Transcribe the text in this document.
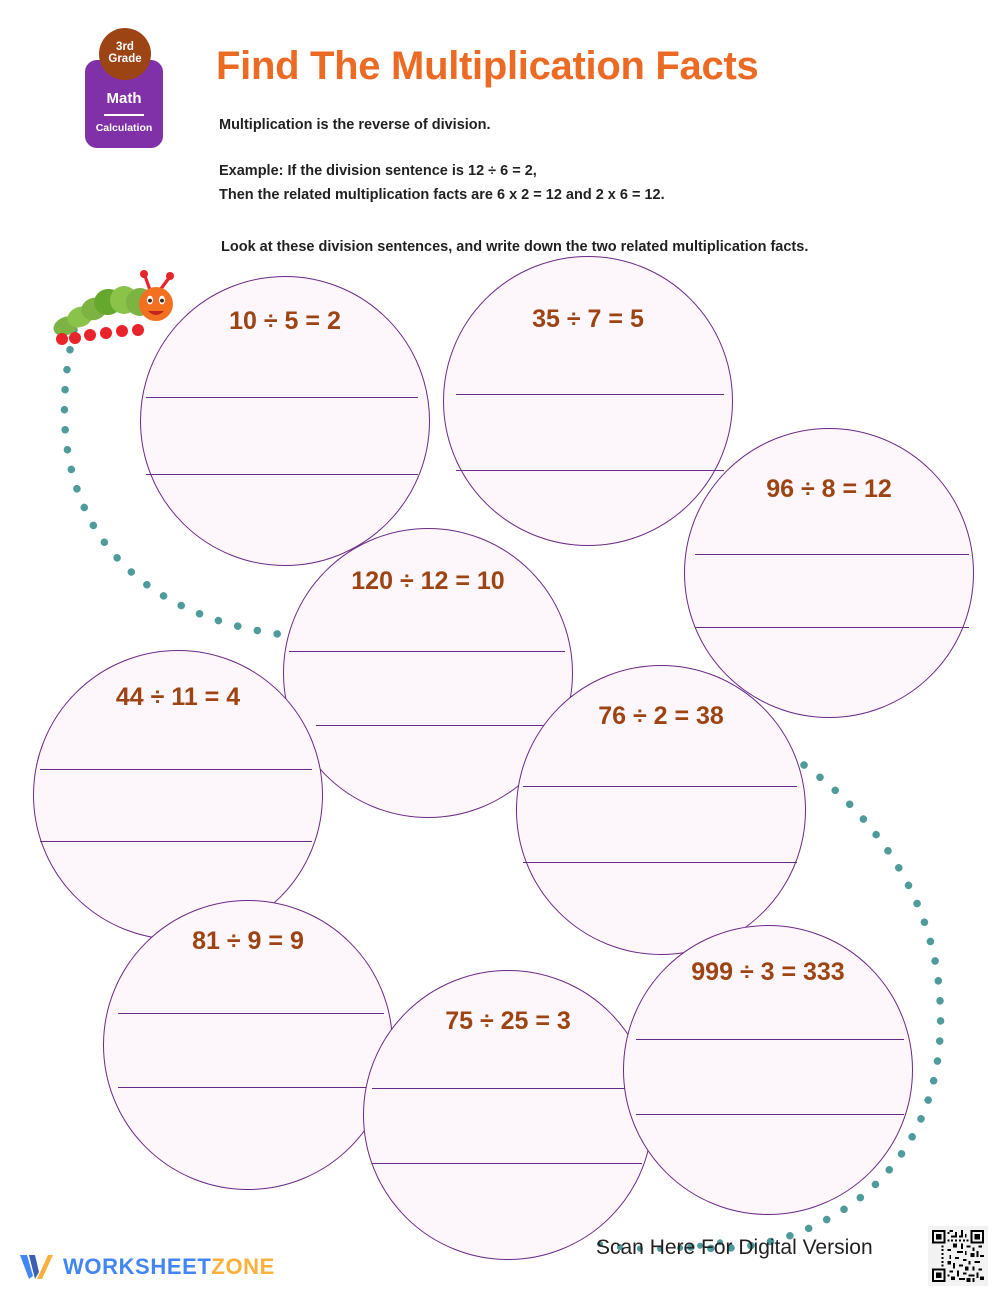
3rd
Grade
Math
Calculation
Find The Multiplication Facts
Multiplication is the reverse of division.
Example: If the division sentence is 12 ÷ 6 = 2,
Then the related multiplication facts are 6 x 2 = 12 and 2 x 6 = 12.
Look at these division sentences, and write down the two related multiplication facts.
10 ÷ 5 = 2	35 ÷ 7 = 5
96 ÷ 8 = 12
120 ÷ 12 = 10
44 ÷ 11 = 4
76 ÷ 2 = 38
81 ÷ 9 = 9
75 ÷ 25 = 3
999 ÷ 3 = 333
WORKSHEETZONE
Scan Here For Digital Version
